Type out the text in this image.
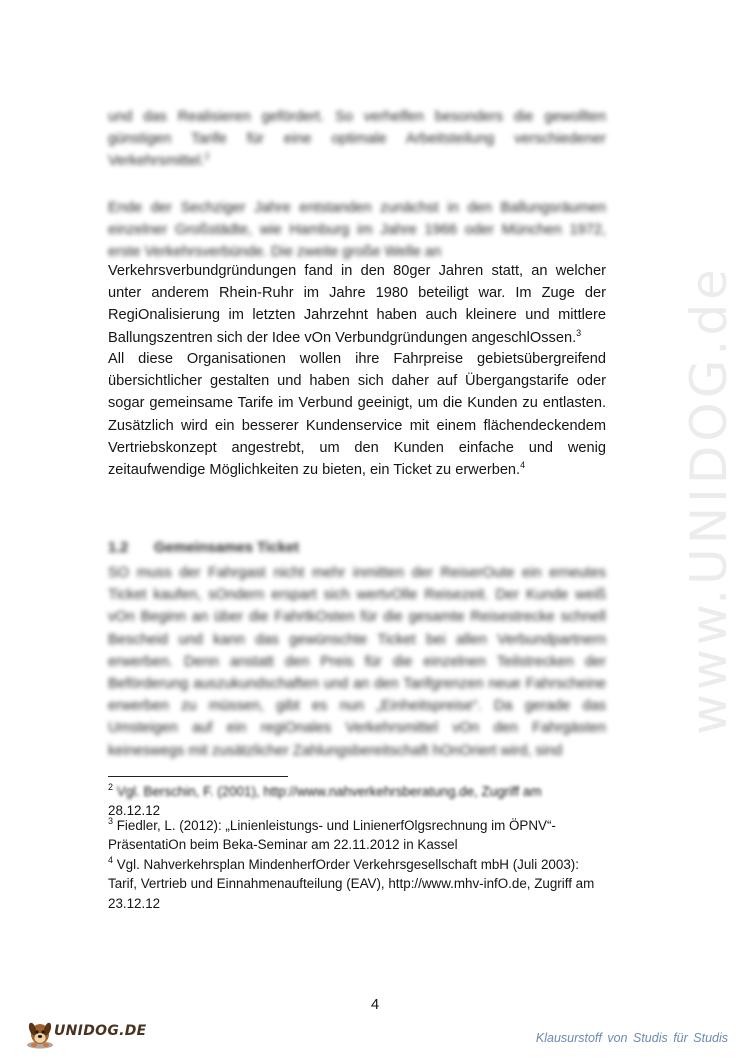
www.UNIDOG.de

und das Realisieren gefördert. So verhelfen besonders die gewollten günstigen Tarife für eine optimale Arbeitsteilung verschiedener Verkehrsmittel.$^2$

Ende der Sechziger Jahre entstanden zunächst in den Ballungsräumen einzelner Großstädte, wie Hamburg im Jahre 1966 oder München 1972, erste Verkehrsverbünde. Die zweite große Welle an

Verkehrsverbundgründungen fand in den 80ger Jahren statt, an welcher unter anderem Rhein-Ruhr im Jahre 1980 beteiligt war. Im Zuge der RegiOnalisierung im letzten Jahrzehnt haben auch kleinere und mittlere Ballungszentren sich der Idee vOn Verbundgründungen angeschlOssen.$^3$

All diese Organisationen wollen ihre Fahrpreise gebietsübergreifend übersichtlicher gestalten und haben sich daher auf Übergangstarife oder sogar gemeinsame Tarife im Verbund geeinigt, um die Kunden zu entlasten. Zusätzlich wird ein besserer Kundenservice mit einem flächendeckendem Vertriebskonzept angestrebt, um den Kunden einfache und wenig zeitaufwendige Möglichkeiten zu bieten, ein Ticket zu erwerben.$^4$

1.2 Gemeinsames Ticket

SO muss der Fahrgast nicht mehr inmitten der ReiserOute ein erneutes Ticket kaufen, sOndern erspart sich wertvOlle Reisezeit. Der Kunde weiß vOn Beginn an über die FahrtkOsten für die gesamte Reisestrecke schnell Bescheid und kann das gewünschte Ticket bei allen Verbundpartnern erwerben. Denn anstatt den Preis für die einzelnen Teilstrecken der Beförderung auszukundschaften und an den Tarifgrenzen neue Fahrscheine erwerben zu müssen, gibt es nun „Einheitspreise“. Da gerade das Umsteigen auf ein regiOnales Verkehrsmittel vOn den Fahrgästen keineswegs mit zusätzlicher Zahlungsbereitschaft hOnOriert wird, sind

$^2$ Vgl. Berschin, F. (2001), http://www.nahverkehrsberatung.de, Zugriff am
28.12.12

$^3$ Fiedler, L. (2012): „Linienleistungs- und LinienerfOlgsrechnung im ÖPNV“-PräsentatiOn beim Beka-Seminar am 22.11.2012 in Kassel

$^4$ Vgl. Nahverkehrsplan MindenherfOrder Verkehrsgesellschaft mbH (Juli 2003): Tarif, Vertrieb und Einnahmenaufteilung (EAV), http://www.mhv-infO.de, Zugriff am 23.12.12

4
UNIDOG.DE	Klausurstoff von Studis für Studis
